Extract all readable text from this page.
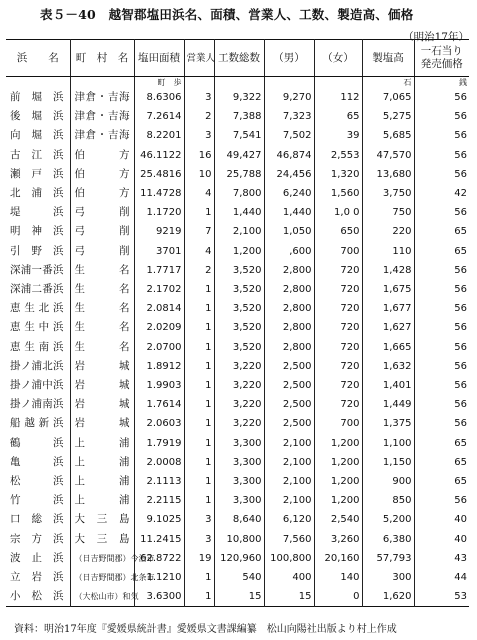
表５－40　越智郡塩田浜名、面積、営業人、工数、製造高、価格
（明治17年）
浜　　名	町　村　名	塩田面積	営業人	工数総数	（男）	（女）	製塩高	一石当り
発売価格

		町　歩					石	銭

前堀浜	津倉・吉海	8.6306	3	9,322	9,270	112	7,065	56
後堀浜	津倉・吉海	7.2614	2	7,388	7,323	65	5,275	56
向堀浜	津倉・吉海	8.2201	3	7,541	7,502	39	5,685	56
古江浜	伯　方	46.1122	16	49,427	46,874	2,553	47,570	56
瀬戸浜	伯　方	25.4816	10	25,788	24,456	1,320	13,680	56
北浦浜	伯　方	11.4728	4	7,800	6,240	1,560	3,750	42
堤浜	弓　削	1.1720	1	1,440	1,440	1,0 0	750	56
明神浜	弓　削	9219	7	2,100	1,050	650	220	65
引野浜	弓　削	3701	4	1,200	,600	700	110	65
深浦一番浜	生　名	1.7717	2	3,520	2,800	720	1,428	56
深浦二番浜	生　名	2.1702	1	3,520	2,800	720	1,675	56
恵生北浜	生　名	2.0814	1	3,520	2,800	720	1,677	56
恵生中浜	生　名	2.0209	1	3,520	2,800	720	1,627	56
恵生南浜	生　名	2.0700	1	3,520	2,800	720	1,665	56
掛ノ浦北浜	岩　城	1.8912	1	3,220	2,500	720	1,632	56
掛ノ浦中浜	岩　城	1.9903	1	3,220	2,500	720	1,401	56
掛ノ浦南浜	岩　城	1.7614	1	3,220	2,500	720	1,449	56
船越新浜	岩　城	2.0603	1	3,220	2,500	700	1,375	56
鶴浜	上　浦	1.7919	1	3,300	2,100	1,200	1,100	65
亀浜	上　浦	2.0008	1	3,300	2,100	1,200	1,150	65
松浜	上　浦	2.1113	1	3,300	2,100	1,200	900	65
竹浜	上　浦	2.2115	1	3,300	2,100	1,200	850	56
口総浜	大三島	9.1025	3	8,640	6,120	2,540	5,200	40
宗方浜	大三島	11.2415	3	10,800	7,560	3,260	6,380	40
波止浜	（日吉野間郡）今治市	62.8722	19	120,960	100,800	20,160	57,793	43
立岩浜	（日吉野間郡）北条市	1.1210	1	540	400	140	300	44
小松浜	（大松山市）和気	3.6300	1	15	15	0	1,620	53
資料：明治17年度『愛媛県統計書』愛媛県文書課編纂　松山向陽社出版より村上作成
